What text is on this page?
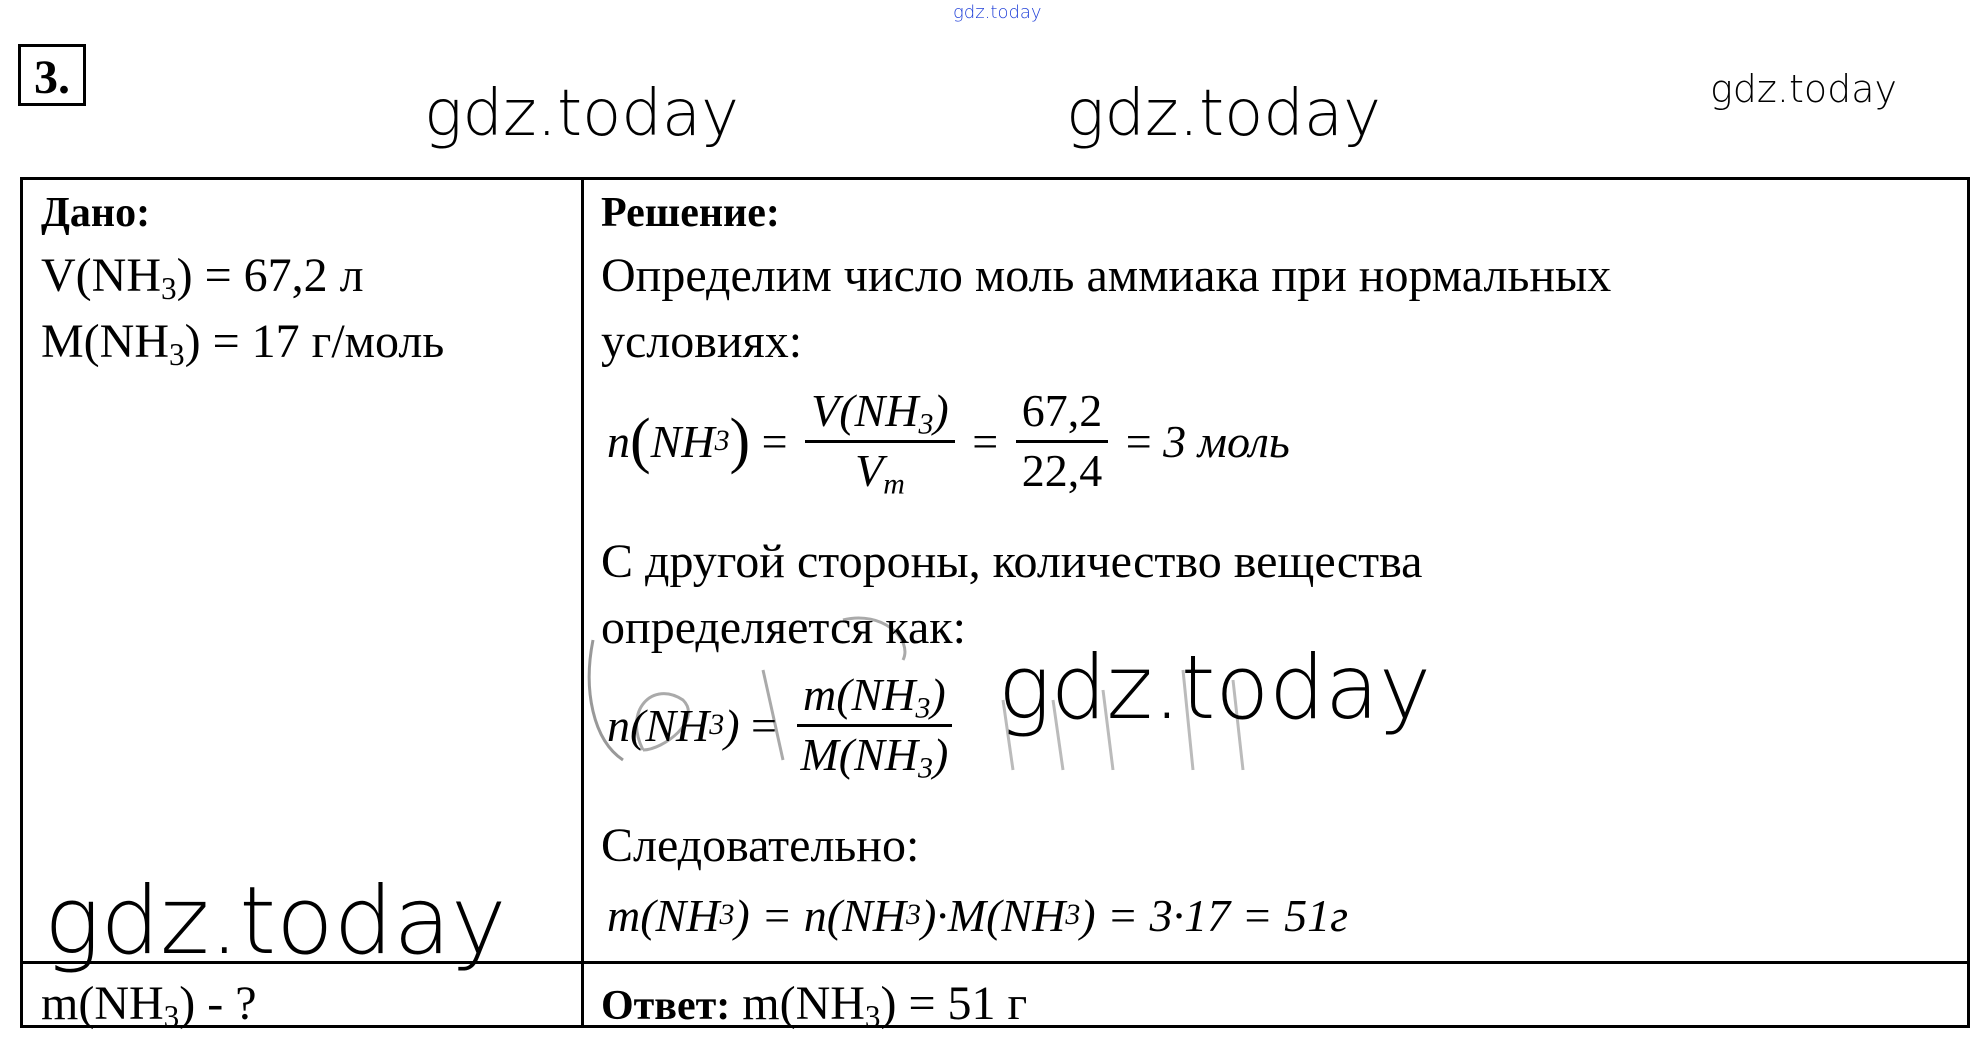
gdz.today
gdz.today	gdz.today	gdz.today
3.
Дано:
$V(NH_3) = 67,2$ л
$M(NH_3) = 17$ г/моль
$m(NH_3)$ - ?
Решение:
Определим число моль аммиака при нормальных
условиях:
n ( NH 3 ) = $\frac{V(NH_3)}{V_m} = \frac{67,2}{22,4} = 3$ моль
С другой стороны, количество вещества
определяется как:
n(NH 3 ) = $\frac{m(NH_3)}{M(NH_3)}$
Следовательно:
m(NH 3 ) = n(NH 3 )·M(NH 3 ) = 3·17 = 51 г
Ответ: $m(NH_3) = 51$ г
gdz.today
gdz.today
